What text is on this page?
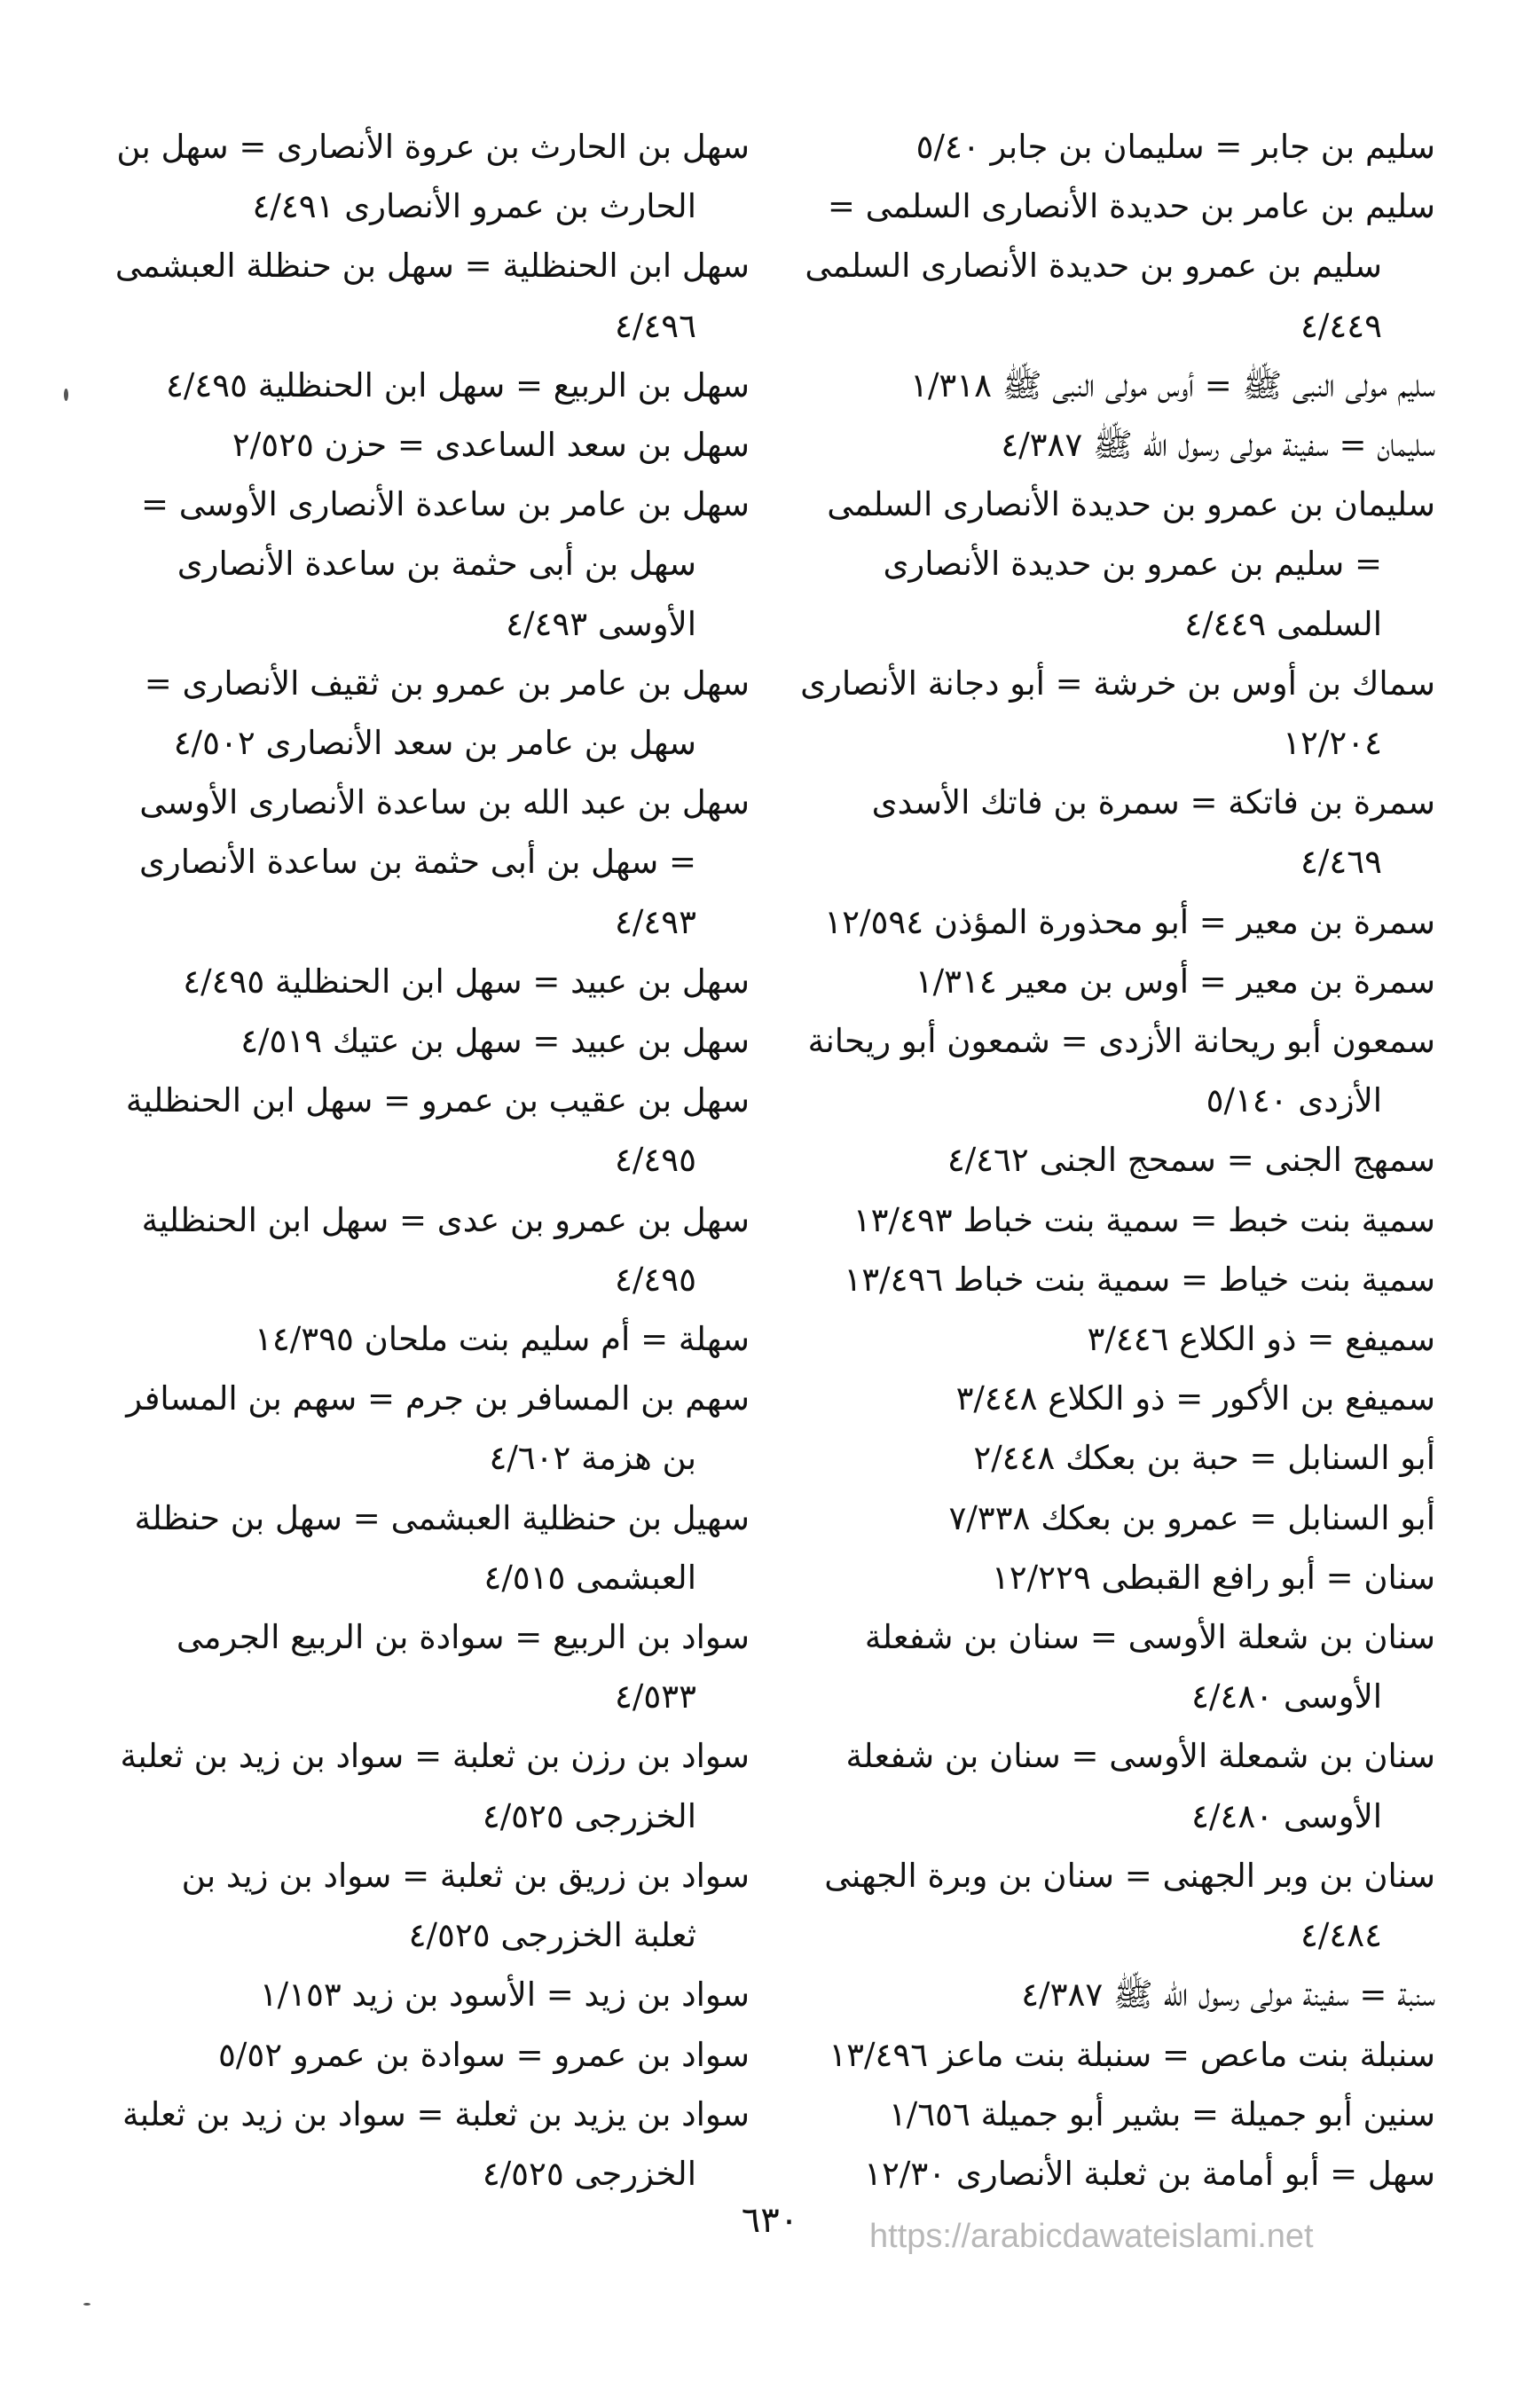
سليم بن جابر = سليمان بن جابر ٥/٤٠
سليم بن عامر بن حديدة الأنصارى السلمى = سليم بن عمرو بن حديدة الأنصارى السلمى ٤/٤٤٩
سليم مولى النبى ﷺ = أوس مولى النبى ﷺ ١/٣١٨
سليمان = سفينة مولى رسول الله ﷺ ٤/٣٨٧
سليمان بن عمرو بن حديدة الأنصارى السلمى = سليم بن عمرو بن حديدة الأنصارى السلمى ٤/٤٤٩
سماك بن أوس بن خرشة = أبو دجانة الأنصارى ١٢/٢٠٤
سمرة بن فاتكة = سمرة بن فاتك الأسدى ٤/٤٦٩
سمرة بن معير = أبو محذورة المؤذن ١٢/٥٩٤
سمرة بن معير = أوس بن معير ١/٣١٤
سمعون أبو ريحانة الأزدى = شمعون أبو ريحانة الأزدى ٥/١٤٠
سمهج الجنى = سمحج الجنى ٤/٤٦٢
سمية بنت خبط = سمية بنت خباط ١٣/٤٩٣
سمية بنت خياط = سمية بنت خباط ١٣/٤٩٦
سميفع = ذو الكلاع ٣/٤٤٦
سميفع بن الأكور = ذو الكلاع ٣/٤٤٨
أبو السنابل = حبة بن بعكك ٢/٤٤٨
أبو السنابل = عمرو بن بعكك ٧/٣٣٨
سنان = أبو رافع القبطى ١٢/٢٢٩
سنان بن شعلة الأوسى = سنان بن شفعلة الأوسى ٤/٤٨٠
سنان بن شمعلة الأوسى = سنان بن شفعلة الأوسى ٤/٤٨٠
سنان بن وبر الجهنى = سنان بن وبرة الجهنى ٤/٤٨٤
سنبة = سفينة مولى رسول الله ﷺ ٤/٣٨٧
سنبلة بنت ماعص = سنبلة بنت ماعز ١٣/٤٩٦
سنين أبو جميلة = بشير أبو جميلة ١/٦٥٦
سهل = أبو أمامة بن ثعلبة الأنصارى ١٢/٣٠
سهل بن الحارث بن عروة الأنصارى = سهل بن الحارث بن عمرو الأنصارى ٤/٤٩١
سهل ابن الحنظلية = سهل بن حنظلة العبشمى ٤/٤٩٦
سهل بن الربيع = سهل ابن الحنظلية ٤/٤٩٥
سهل بن سعد الساعدى = حزن ٢/٥٢٥
سهل بن عامر بن ساعدة الأنصارى الأوسى = سهل بن أبى حثمة بن ساعدة الأنصارى الأوسى ٤/٤٩٣
سهل بن عامر بن عمرو بن ثقيف الأنصارى = سهل بن عامر بن سعد الأنصارى ٤/٥٠٢
سهل بن عبد الله بن ساعدة الأنصارى الأوسى = سهل بن أبى حثمة بن ساعدة الأنصارى ٤/٤٩٣
سهل بن عبيد = سهل ابن الحنظلية ٤/٤٩٥
سهل بن عبيد = سهل بن عتيك ٤/٥١٩
سهل بن عقيب بن عمرو = سهل ابن الحنظلية ٤/٤٩٥
سهل بن عمرو بن عدى = سهل ابن الحنظلية ٤/٤٩٥
سهلة = أم سليم بنت ملحان ١٤/٣٩٥
سهم بن المسافر بن جرم = سهم بن المسافر بن هزمة ٤/٦٠٢
سهيل بن حنظلية العبشمى = سهل بن حنظلة العبشمى ٤/٥١٥
سواد بن الربيع = سوادة بن الربيع الجرمى ٤/٥٣٣
سواد بن رزن بن ثعلبة = سواد بن زيد بن ثعلبة الخزرجى ٤/٥٢٥
سواد بن زريق بن ثعلبة = سواد بن زيد بن ثعلبة الخزرجى ٤/٥٢٥
سواد بن زيد = الأسود بن زيد ١/١٥٣
سواد بن عمرو = سوادة بن عمرو ٥/٥٢
سواد بن يزيد بن ثعلبة = سواد بن زيد بن ثعلبة الخزرجى ٤/٥٢٥
٦٣٠	https://arabicdawateislami.net
